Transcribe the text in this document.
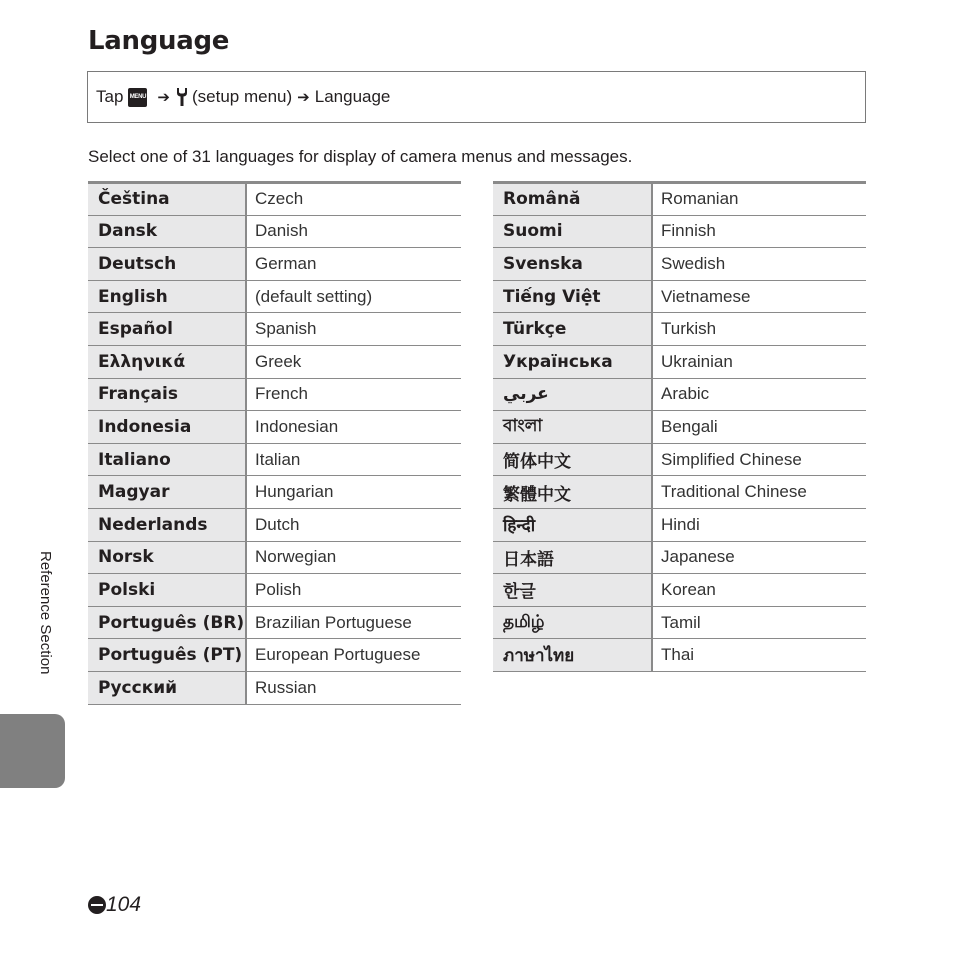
Language
Tap MENU ➔ (setup menu) ➔ Language
Select one of 31 languages for display of camera menus and messages.
Čeština	Czech
Dansk	Danish
Deutsch	German
English	(default setting)
Español	Spanish
Ελληνικά	Greek
Français	French
Indonesia	Indonesian
Italiano	Italian
Magyar	Hungarian
Nederlands	Dutch
Norsk	Norwegian
Polski	Polish
Português (BR)	Brazilian Portuguese
Português (PT)	European Portuguese
Русский	Russian
Română	Romanian
Suomi	Finnish
Svenska	Swedish
Tiếng Việt	Vietnamese
Türkçe	Turkish
Українська	Ukrainian
عربي	Arabic
বাংলা	Bengali
简体中文	Simplified Chinese
繁體中文	Traditional Chinese
हिन्दी	Hindi
日本語	Japanese
한글	Korean
தமிழ்	Tamil
ภาษาไทย	Thai
Reference Section
104
